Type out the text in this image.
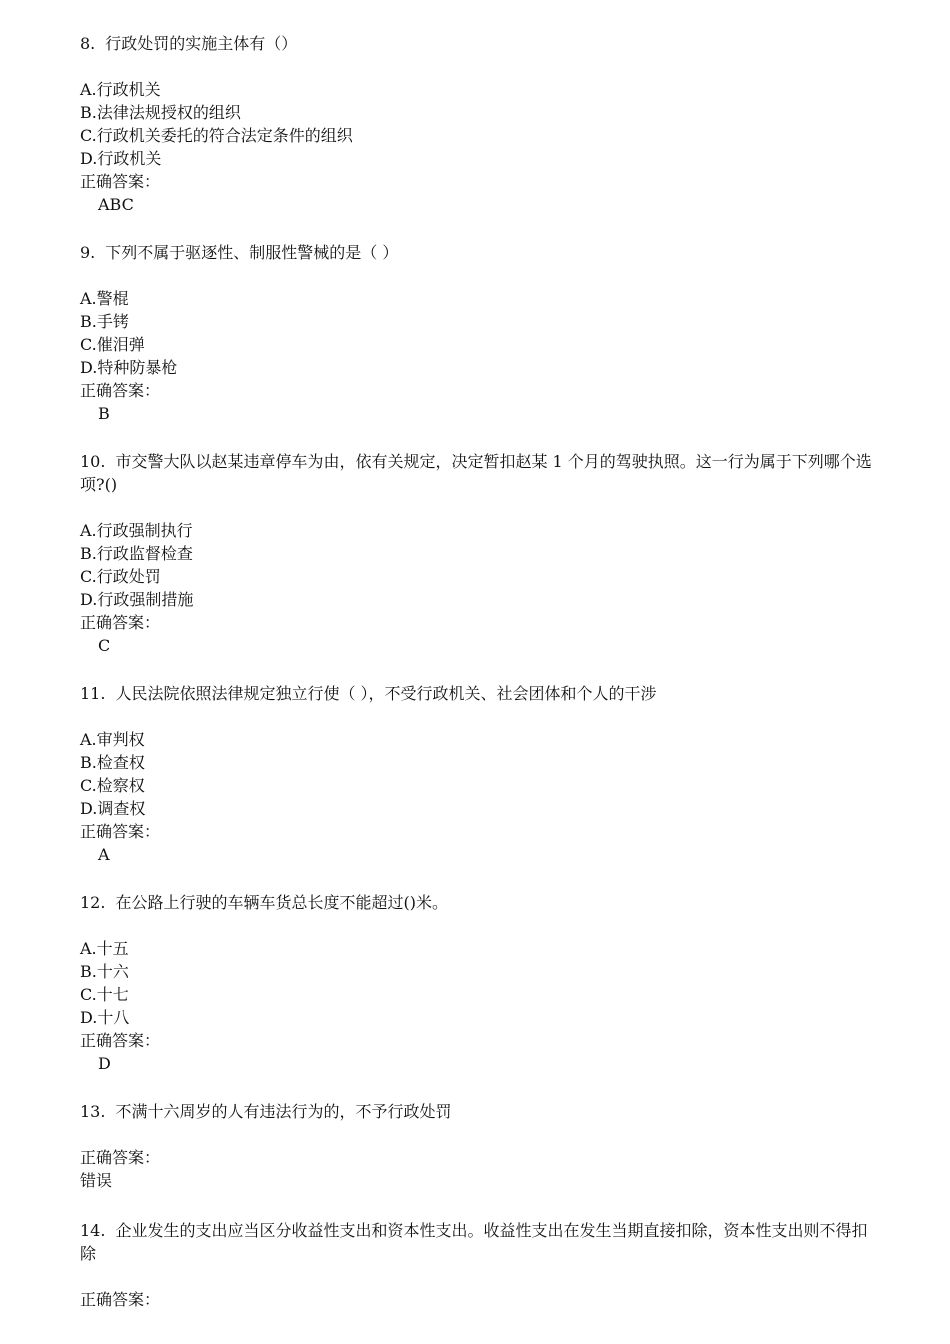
8. 行政处罚的实施主体有（）
A.行政机关
B.法律法规授权的组织
C.行政机关委托的符合法定条件的组织
D.行政机关
正确答案：
ABC
9. 下列不属于驱逐性、制服性警械的是（ ）
A.警棍
B.手铐
C.催泪弹
D.特种防暴枪
正确答案：
B
10. 市交警大队以赵某违章停车为由，依有关规定，决定暂扣赵某 1 个月的驾驶执照。这一行为属于下列哪个选项?()
A.行政强制执行
B.行政监督检查
C.行政处罚
D.行政强制措施
正确答案：
C
11. 人民法院依照法律规定独立行使（ ），不受行政机关、社会团体和个人的干涉
A.审判权
B.检查权
C.检察权
D.调查权
正确答案：
A
12. 在公路上行驶的车辆车货总长度不能超过()米。
A.十五
B.十六
C.十七
D.十八
正确答案：
D
13. 不满十六周岁的人有违法行为的，不予行政处罚
正确答案：
错误
14. 企业发生的支出应当区分收益性支出和资本性支出。收益性支出在发生当期直接扣除，资本性支出则不得扣除
正确答案：
